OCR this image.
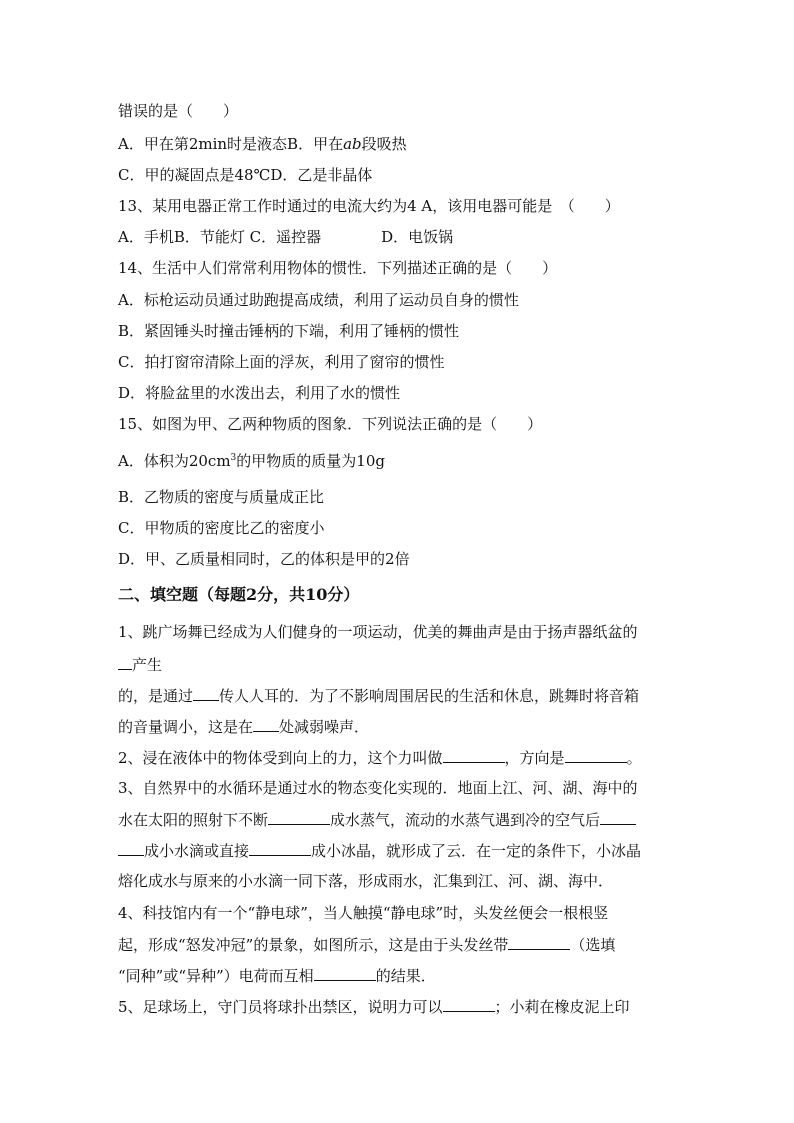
错误的是（　　）
A．甲在第2min时是液态B．甲在ab段吸热
C．甲的凝固点是48℃D．乙是非晶体
13、某用电器正常工作时通过的电流大约为4 A，该用电器可能是　（　　）
A．手机B．节能灯 C．遥控器　　　　D．电饭锅
14、生活中人们常常利用物体的惯性．下列描述正确的是（　　）
A．标枪运动员通过助跑提高成绩，利用了运动员自身的惯性
B．紧固锤头时撞击锤柄的下端，利用了锤柄的惯性
C．拍打窗帘清除上面的浮灰，利用了窗帘的惯性
D．将脸盆里的水泼出去，利用了水的惯性
15、如图为甲、乙两种物质的图象．下列说法正确的是（　　）
A．体积为$20cm^3$的甲物质的质量为10g
B．乙物质的密度与质量成正比
C．甲物质的密度比乙的密度小
D．甲、乙质量相同时，乙的体积是甲的2倍
二、填空题（每题2分，共10分）
1、跳广场舞已经成为人们健身的一项运动，优美的舞曲声是由于扬声器纸盆的
产生
的，是通过 传人人耳的．为了不影响周围居民的生活和休息，跳舞时将音箱
的音量调小，这是在 处减弱噪声．
2、浸在液体中的物体受到向上的力，这个力叫做	，方向是	。
3、自然界中的水循环是通过水的物态变化实现的．地面上江、河、湖、海中的
水在太阳的照射下不断	成水蒸气，流动的水蒸气遇到冷的空气后
成小水滴或直接	成小冰晶，就形成了云．在一定的条件下，小冰晶
熔化成水与原来的小水滴一同下落，形成雨水，汇集到江、河、湖、海中．
4、科技馆内有一个“静电球”，当人触摸“静电球”时，头发丝便会一根根竖
起，形成“怒发冲冠”的景象，如图所示，这是由于头发丝带	（选填
“同种”或“异种”）电荷而互相	的结果．
5、足球场上，守门员将球扑出禁区，说明力可以	；小莉在橡皮泥上印
